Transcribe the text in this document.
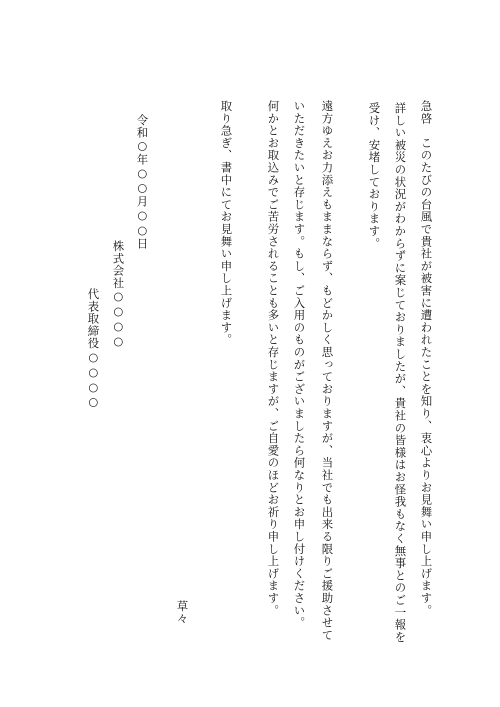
急啓　このたびの台風で貴社が被害に遭われたことを知り、衷心よりお見舞い申し上げます。
詳しい被災の状況がわからずに案じておりましたが、貴社の皆様はお怪我もなく無事とのご一報を
受け、安堵しております。
遠方ゆえお力添えもままならず、もどかしく思っておりますが、当社でも出来る限りご援助させて
いただきたいと存じます。もし、ご入用のものがございましたら何なりとお申し付けください。
何かとお取込みでご苦労されることも多いと存じますが、ご自愛のほどお祈り申し上げます。
取り急ぎ、書中にてお見舞い申し上げます。
草々
令和○年○○月○○日
株式会社○○○○
代表取締役
○○○○
